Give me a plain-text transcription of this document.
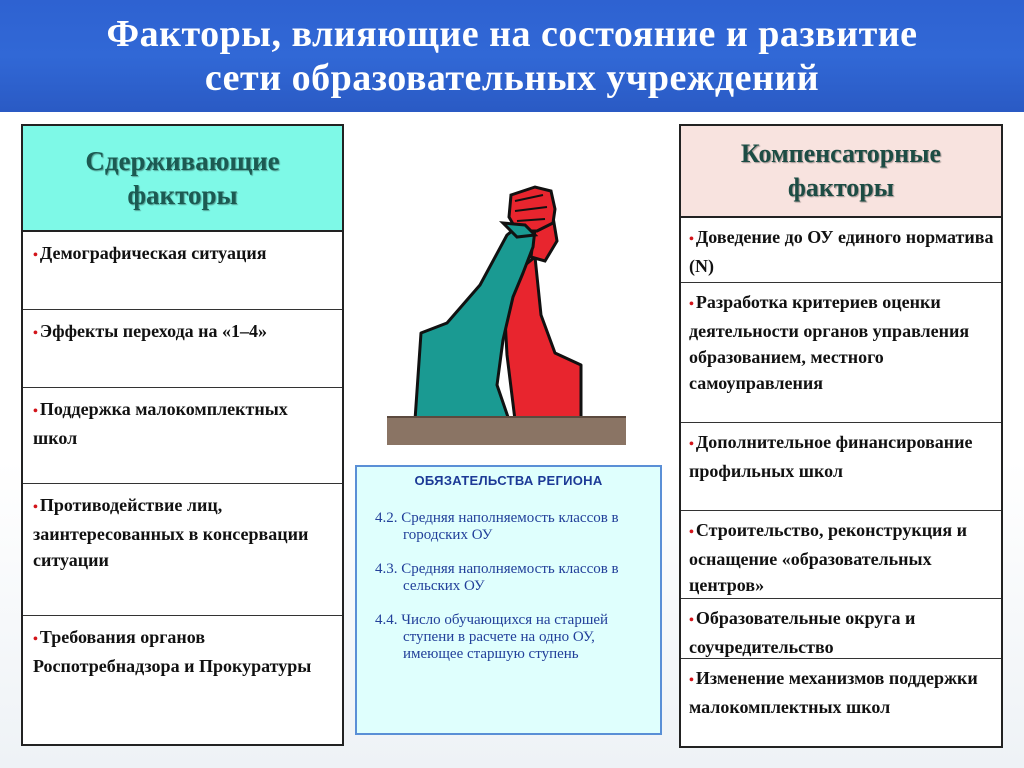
Факторы, влияющие на состояние и развитие
сети образовательных учреждений
Сдерживающие
факторы
• Демографическая ситуация
• Эффекты перехода на «1–4»
• Поддержка малокомплектных школ
• Противодействие лиц, заинтересованных в консервации ситуации
• Требования органов Роспотребнадзора и Прокуратуры
ОБЯЗАТЕЛЬСТВА РЕГИОНА
4.2. Средняя наполняемость классов в городских ОУ
4.3. Средняя наполняемость классов в сельских ОУ
4.4. Число обучающихся на старшей ступени в расчете на одно ОУ, имеющее старшую ступень
Компенсаторные
факторы
• Доведение до ОУ единого норматива (N)
• Разработка критериев оценки деятельности органов управления образованием, местного самоуправления
• Дополнительное финансирование профильных школ
• Строительство, реконструкция и оснащение «образовательных центров»
• Образовательные округа и соучредительство
• Изменение механизмов поддержки малокомплектных школ
